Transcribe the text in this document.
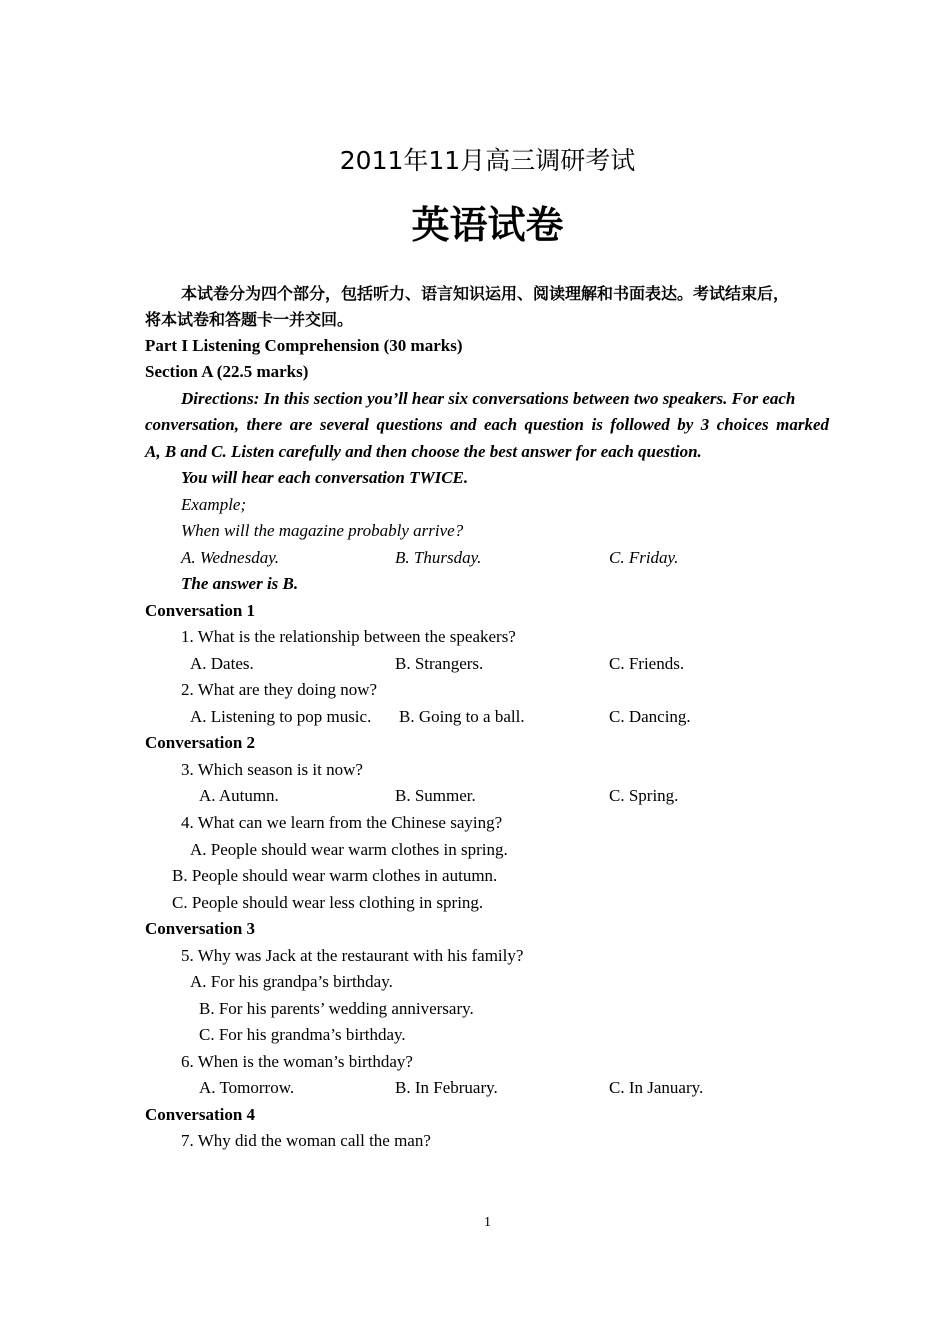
2011年11月高三调研考试
英语试卷
本试卷分为四个部分，包括听力、语言知识运用、阅读理解和书面表达。考试结束后，
将本试卷和答题卡一并交回。
Part I Listening Comprehension (30 marks)
Section A (22.5 marks)
Directions: In this section you’ll hear six conversations between two speakers. For each
conversation, there are several questions and each question is followed by 3 choices marked
A, B and C. Listen carefully and then choose the best answer for each question.
You will hear each conversation TWICE.
Example;
When will the magazine probably arrive?
A. Wednesday.	B. Thursday.	C. Friday.
The answer is B.
Conversation 1
1. What is the relationship between the speakers?
A. Dates.	B. Strangers.	C. Friends.
2. What are they doing now?
A. Listening to pop music. B. Going to a ball.	C. Dancing.
Conversation 2
3. Which season is it now?
A. Autumn.	B. Summer.	C. Spring.
4. What can we learn from the Chinese saying?
A. People should wear warm clothes in spring.
B. People should wear warm clothes in autumn.
C. People should wear less clothing in spring.
Conversation 3
5. Why was Jack at the restaurant with his family?
A. For his grandpa’s birthday.
B. For his parents’ wedding anniversary.
C. For his grandma’s birthday.
6. When is the woman’s birthday?
A. Tomorrow.	B. In February.	C. In January.
Conversation 4
7. Why did the woman call the man?
1
